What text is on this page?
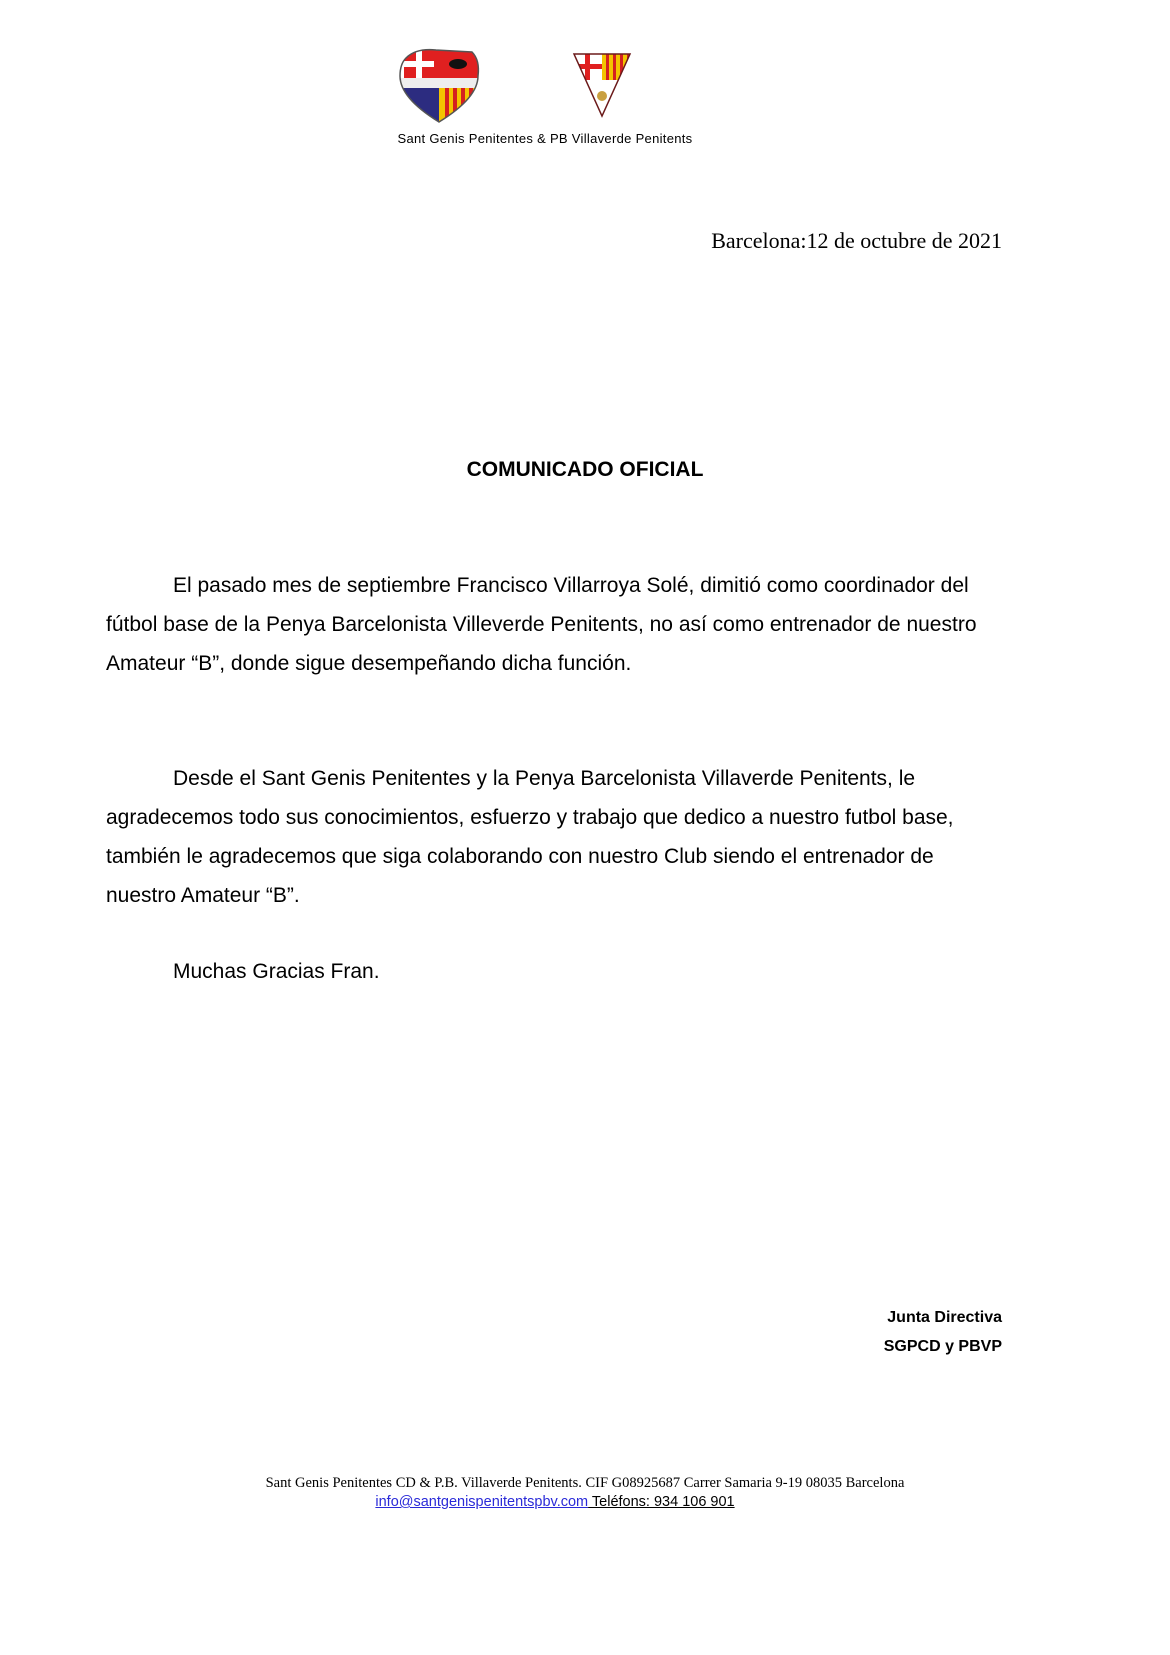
Sant Genis Penitentes & PB Villaverde Penitents
Barcelona:12 de octubre de 2021
COMUNICADO OFICIAL

El pasado mes de septiembre Francisco Villarroya Solé, dimitió como coordinador del fútbol base de la Penya Barcelonista Villeverde Penitents, no así como entrenador de nuestro Amateur “B”, donde sigue desempeñando dicha función.

Desde el Sant Genis Penitentes y la Penya Barcelonista Villaverde Penitents, le agradecemos todo sus conocimientos, esfuerzo y trabajo que dedico a nuestro futbol base, también le agradecemos que siga colaborando con nuestro Club siendo el entrenador de nuestro Amateur “B”.

Muchas Gracias Fran.

Junta Directiva
SGPCD y PBVP
Sant Genis Penitentes CD & P.B. Villaverde Penitents. CIF G08925687 Carrer Samaria 9-19 08035 Barcelona
info@santgenispenitentspbv.com Teléfons: 934 106 901
